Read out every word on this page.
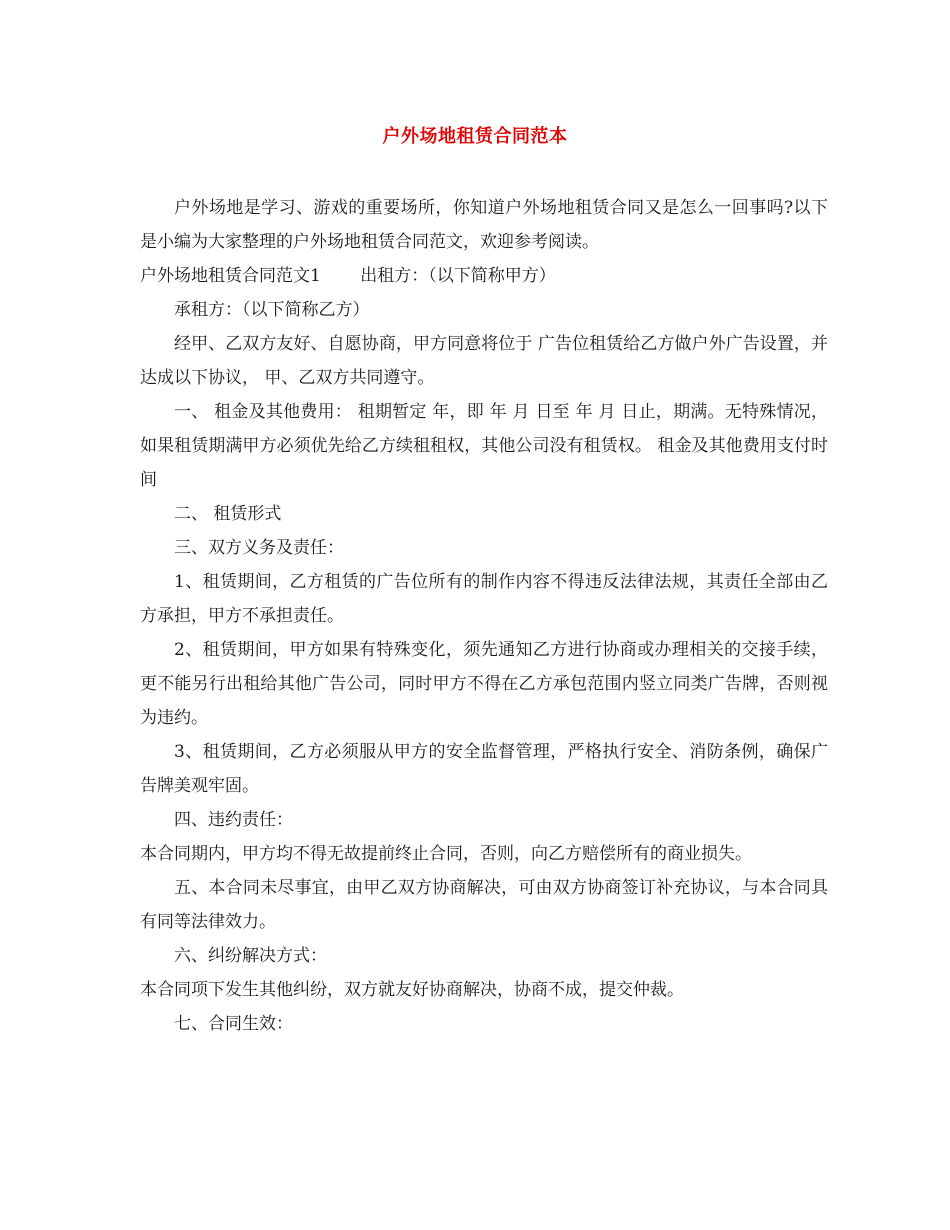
户外场地租赁合同范本

户外场地是学习、游戏的重要场所，你知道户外场地租赁合同又是怎么一回事吗?以下是小编为大家整理的户外场地租赁合同范文，欢迎参考阅读。

户外场地租赁合同范文1　　 出租方：（以下简称甲方）

承租方：（以下简称乙方）

经甲、乙双方友好、自愿协商，甲方同意将位于 广告位租赁给乙方做户外广告设置，并达成以下协议， 甲、乙双方共同遵守。

一、 租金及其他费用： 租期暂定 年，即 年 月 日至 年 月 日止，期满。无特殊情况，如果租赁期满甲方必须优先给乙方续租租权，其他公司没有租赁权。 租金及其他费用支付时间

二、 租赁形式

三、双方义务及责任：

1、租赁期间，乙方租赁的广告位所有的制作内容不得违反法律法规，其责任全部由乙方承担，甲方不承担责任。

2、租赁期间，甲方如果有特殊变化，须先通知乙方进行协商或办理相关的交接手续，更不能另行出租给其他广告公司，同时甲方不得在乙方承包范围内竖立同类广告牌，否则视为违约。

3、租赁期间，乙方必须服从甲方的安全监督管理，严格执行安全、消防条例，确保广告牌美观牢固。

四、违约责任：

本合同期内，甲方均不得无故提前终止合同，否则，向乙方赔偿所有的商业损失。

五、本合同未尽事宜，由甲乙双方协商解决，可由双方协商签订补充协议，与本合同具有同等法律效力。

六、纠纷解决方式：

本合同项下发生其他纠纷，双方就友好协商解决，协商不成，提交仲裁。

七、合同生效：
